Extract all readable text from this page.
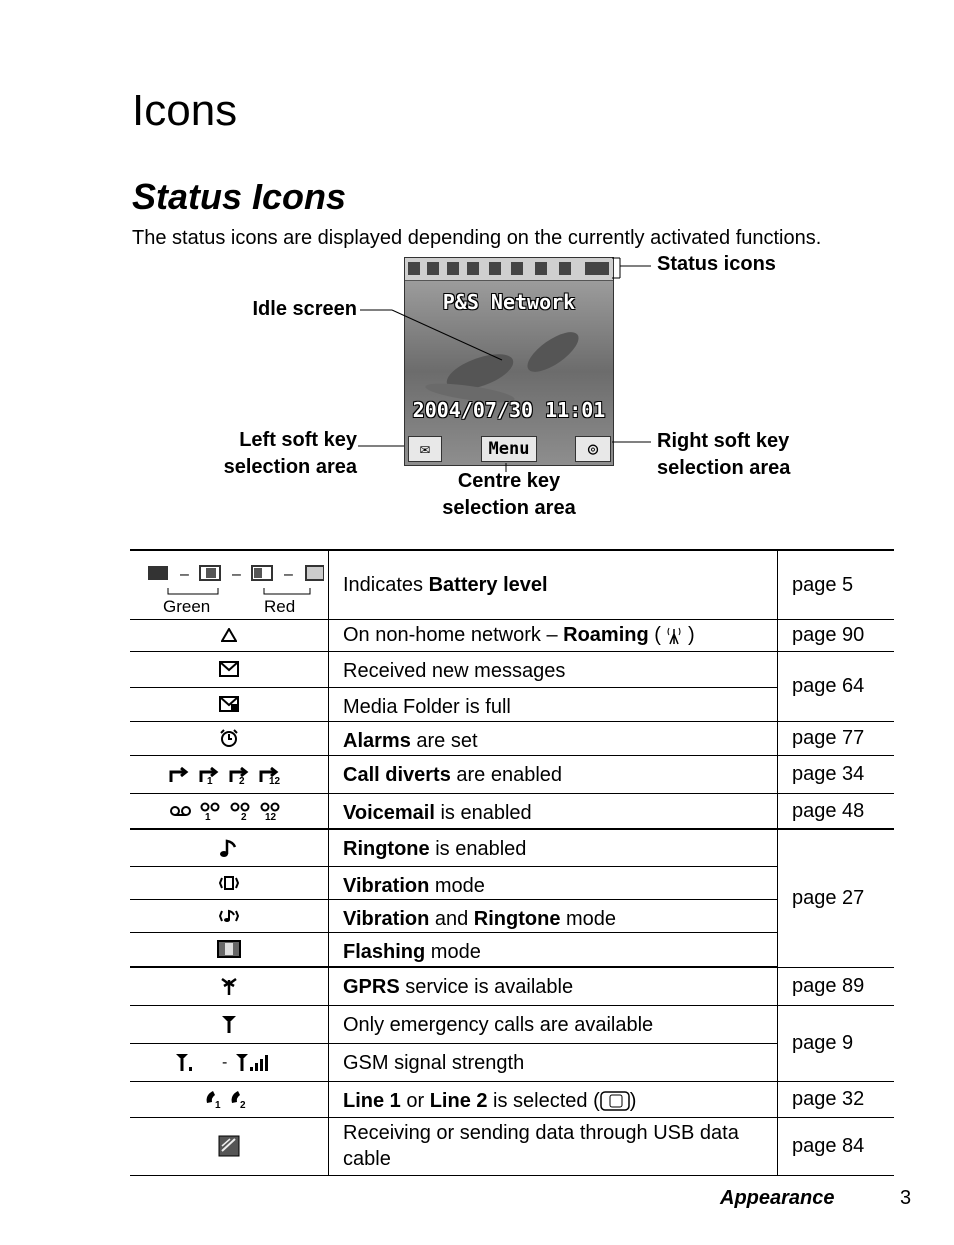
Icons
Status Icons
The status icons are displayed depending on the currently activated functions.
P&S Network
2004/07/30 11:01
✉	Menu	◎
Status icons
Idle screen
Left soft key
selection area
Right soft key
selection area
Centre key
selection area
– – –
Green Red	Indicates Battery level	page 5
	On non-home network – Roaming (  )	page 90
	Received new messages	page 64
	Media Folder is full	
	Alarms are set	page 77

1 2 12	Call diverts are enabled	page 34

1 2 12	Voicemail is enabled	page 48
	Ringtone is enabled	page 27
	Vibration mode	
	Vibration and Ringtone mode	
	Flashing mode	
	GPRS service is available	page 89
	Only emergency calls are available	page 9

-	GSM signal strength	

1 2	Line 1 or Line 2 is selected ( )	page 32
	Receiving or sending data through USB data cable	page 84
Appearance	3
